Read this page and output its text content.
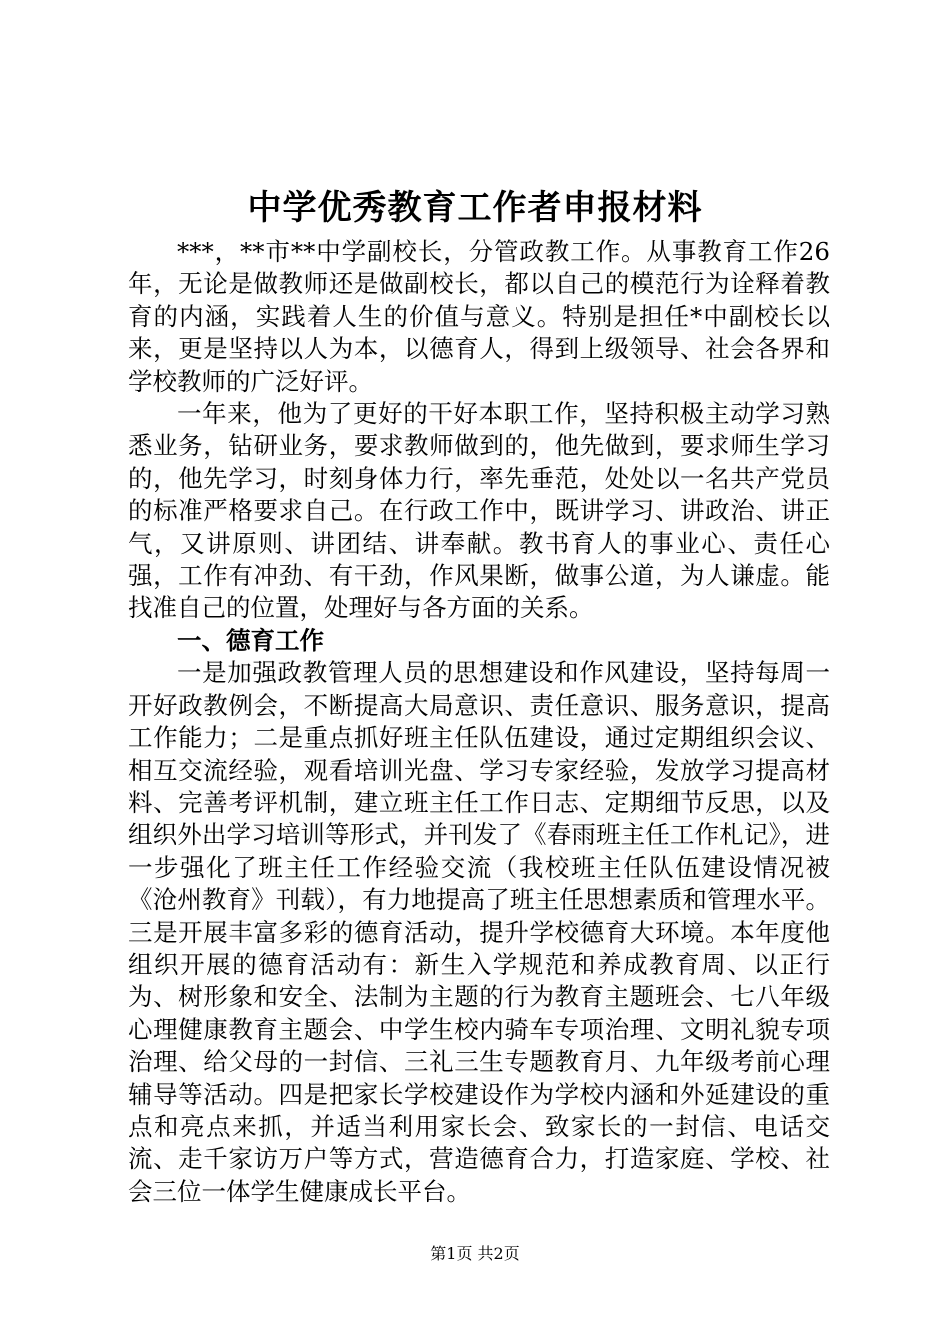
中学优秀教育工作者申报材料

***，**市**中学副校长，分管政教工作。从事教育工作26年，无论是做教师还是做副校长，都以自己的模范行为诠释着教育的内涵，实践着人生的价值与意义。特别是担任*中副校长以来，更是坚持以人为本，以德育人，得到上级领导、社会各界和学校教师的广泛好评。

一年来，他为了更好的干好本职工作，坚持积极主动学习熟悉业务，钻研业务，要求教师做到的，他先做到，要求师生学习的，他先学习，时刻身体力行，率先垂范，处处以一名共产党员的标准严格要求自己。在行政工作中，既讲学习、讲政治、讲正气，又讲原则、讲团结、讲奉献。教书育人的事业心、责任心强，工作有冲劲、有干劲，作风果断，做事公道，为人谦虚。能找准自己的位置，处理好与各方面的关系。

一、德育工作

一是加强政教管理人员的思想建设和作风建设，坚持每周一开好政教例会，不断提高大局意识、责任意识、服务意识，提高工作能力；二是重点抓好班主任队伍建设，通过定期组织会议、相互交流经验，观看培训光盘、学习专家经验，发放学习提高材料、完善考评机制，建立班主任工作日志、定期细节反思，以及组织外出学习培训等形式，并刊发了《春雨班主任工作札记》，进一步强化了班主任工作经验交流（我校班主任队伍建设情况被《沧州教育》刊载），有力地提高了班主任思想素质和管理水平。三是开展丰富多彩的德育活动，提升学校德育大环境。本年度他组织开展的德育活动有：新生入学规范和养成教育周、以正行为、树形象和安全、法制为主题的行为教育主题班会、七八年级心理健康教育主题会、中学生校内骑车专项治理、文明礼貌专项治理、给父母的一封信、三礼三生专题教育月、九年级考前心理辅导等活动。四是把家长学校建设作为学校内涵和外延建设的重点和亮点来抓，并适当利用家长会、致家长的一封信、电话交流、走千家访万户等方式，营造德育合力，打造家庭、学校、社会三位一体学生健康成长平台。

第1页 共2页
